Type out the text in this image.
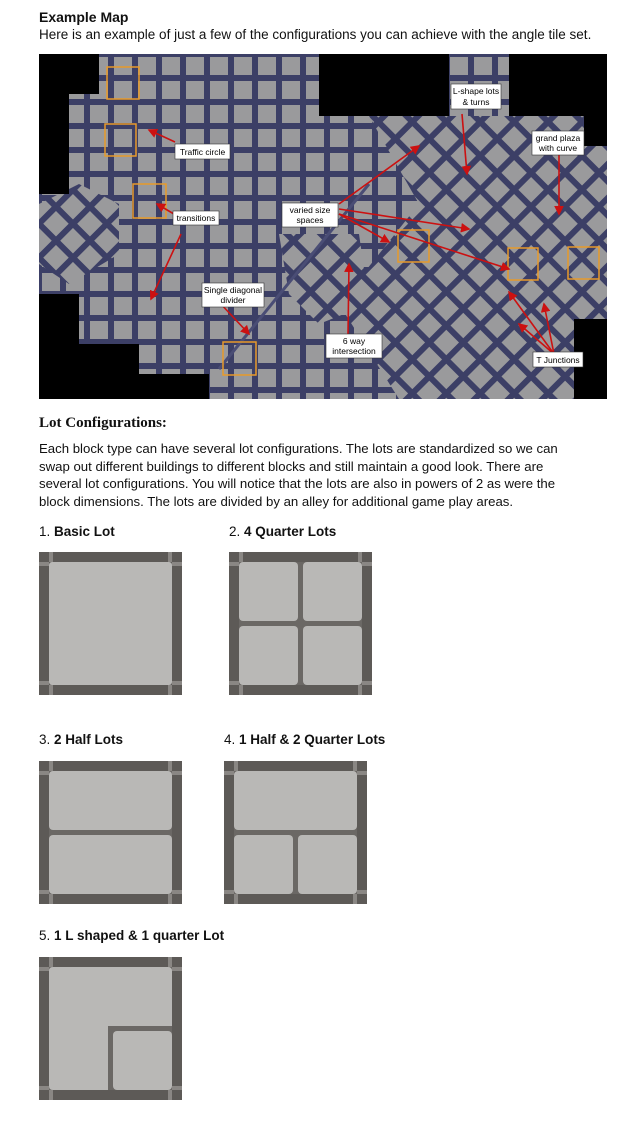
Example Map
Here is an example of just a few of the configurations you can achieve with the angle tile set.
Traffic circle
transitions
varied size
spaces
L-shape lots
& turns
grand plaza
with curve
Single diagonal
divider
6 way
intersection
T Junctions
Lot Configurations:
Each block type can have several lot configurations. The lots are standardized so we can
swap out different buildings to different blocks and still maintain a good look. There are
several lot configurations. You will notice that the lots are also in powers of 2 as were the
block dimensions. The lots are divided by an alley for additional game play areas.
1. Basic Lot	2. 4 Quarter Lots
3. 2 Half Lots	4. 1 Half & 2 Quarter Lots
5. 1 L shaped & 1 quarter Lot
